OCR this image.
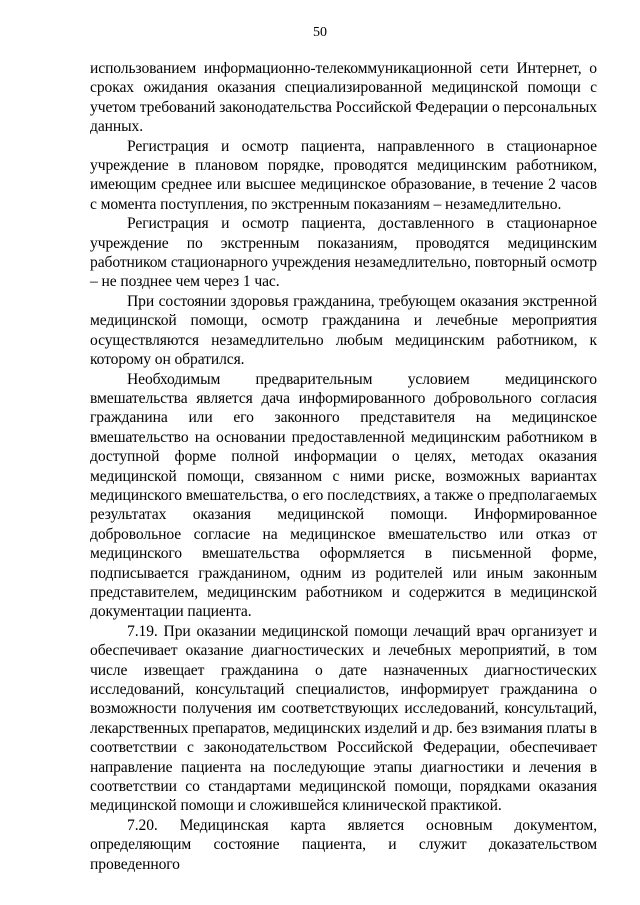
50

использованием информационно-телекоммуникационной сети Интернет, о сроках ожидания оказания специализированной медицинской помощи с учетом требований законодательства Российской Федерации о персональных данных.

Регистрация и осмотр пациента, направленного в стационарное учреждение в плановом порядке, проводятся медицинским работником, имеющим среднее или высшее медицинское образование, в течение 2 часов с момента поступления, по экстренным показаниям – незамедлительно.

Регистрация и осмотр пациента, доставленного в стационарное учреждение по экстренным показаниям, проводятся медицинским работником стационарного учреждения незамедлительно, повторный осмотр – не позднее чем через 1 час.

При состоянии здоровья гражданина, требующем оказания экстренной медицинской помощи, осмотр гражданина и лечебные мероприятия осуществляются незамедлительно любым медицинским работником, к которому он обратился.

Необходимым предварительным условием медицинского вмешательства является дача информированного добровольного согласия гражданина или его законного представителя на медицинское вмешательство на основании предоставленной медицинским работником в доступной форме полной информации о целях, методах оказания медицинской помощи, связанном с ними риске, возможных вариантах медицинского вмешательства, о его последствиях, а также о предполагаемых результатах оказания медицинской помощи. Информированное добровольное согласие на медицинское вмешательство или отказ от медицинского вмешательства оформляется в письменной форме, подписывается гражданином, одним из родителей или иным законным представителем, медицинским работником и содержится в медицинской документации пациента.

7.19. При оказании медицинской помощи лечащий врач организует и обеспечивает оказание диагностических и лечебных мероприятий, в том числе извещает гражданина о дате назначенных диагностических исследований, консультаций специалистов, информирует гражданина о возможности получения им соответствующих исследований, консультаций, лекарственных препаратов, медицинских изделий и др. без взимания платы в соответствии с законодательством Российской Федерации, обеспечивает направление пациента на последующие этапы диагностики и лечения в соответствии со стандартами медицинской помощи, порядками оказания медицинской помощи и сложившейся клинической практикой.

7.20. Медицинская карта является основным документом, определяющим состояние пациента, и служит доказательством проведенного
